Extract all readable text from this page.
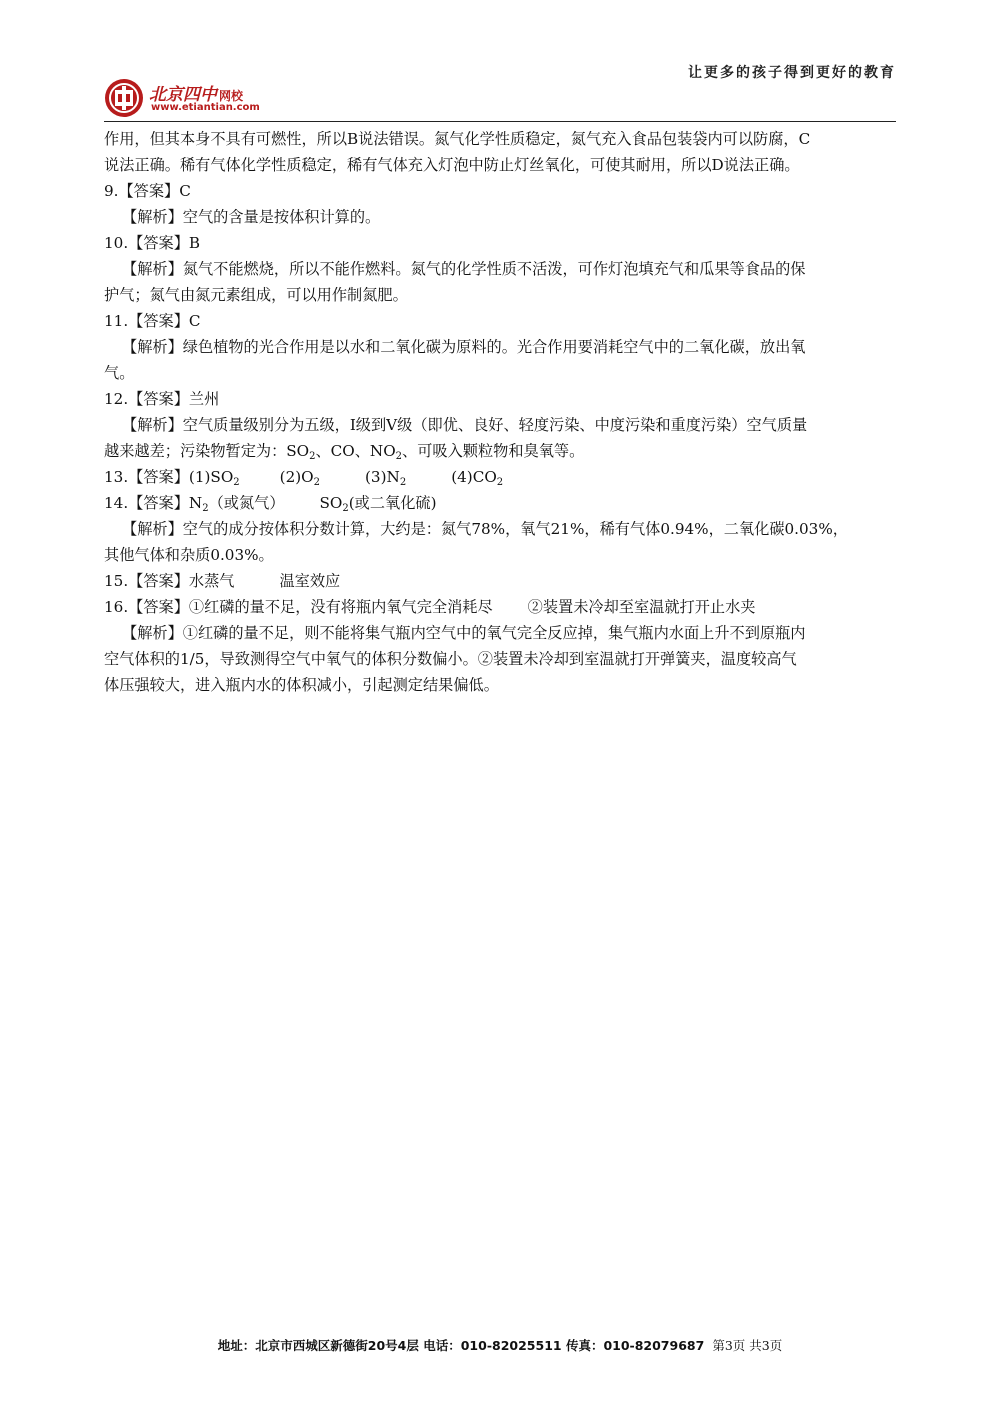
北京四中 网校
www.etiantian.com
让更多的孩子得到更好的教育
作用，但其本身不具有可燃性，所以B说法错误。氮气化学性质稳定，氮气充入食品包装袋内可以防腐，C
说法正确。稀有气体化学性质稳定，稀有气体充入灯泡中防止灯丝氧化，可使其耐用，所以D说法正确。
9.【答案】C
【解析】空气的含量是按体积计算的。
10.【答案】B
【解析】氮气不能燃烧，所以不能作燃料。氮气的化学性质不活泼，可作灯泡填充气和瓜果等食品的保
护气；氮气由氮元素组成，可以用作制氮肥。
11.【答案】C
【解析】绿色植物的光合作用是以水和二氧化碳为原料的。光合作用要消耗空气中的二氧化碳，放出氧
气。
12.【答案】兰州
【解析】空气质量级别分为五级，Ⅰ级到Ⅴ级（即优、良好、轻度污染、中度污染和重度污染）空气质量
越来越差；污染物暂定为：$SO_2$、CO、$NO_2$、可吸入颗粒物和臭氧等。
13.【答案】$(1)SO_2$	$(2)O_2$	$(3)N_2$	$(4)CO_2$
14.【答案】$N_2$（或氮气） $SO_2$(或二氧化硫)
【解析】空气的成分按体积分数计算，大约是：氮气78%，氧气21%，稀有气体0.94%，二氧化碳0.03%，
其他气体和杂质0.03%。
15.【答案】水蒸气	温室效应
16.【答案】①红磷的量不足，没有将瓶内氧气完全消耗尽 ②装置未冷却至室温就打开止水夹
【解析】①红磷的量不足，则不能将集气瓶内空气中的氧气完全反应掉，集气瓶内水面上升不到原瓶内
空气体积的1/5，导致测得空气中氧气的体积分数偏小。②装置未冷却到室温就打开弹簧夹，温度较高气
体压强较大，进入瓶内水的体积减小，引起测定结果偏低。
地址：北京市西城区新德街20号4层 电话：010-82025511 传真：010-82079687 第3页 共3页
